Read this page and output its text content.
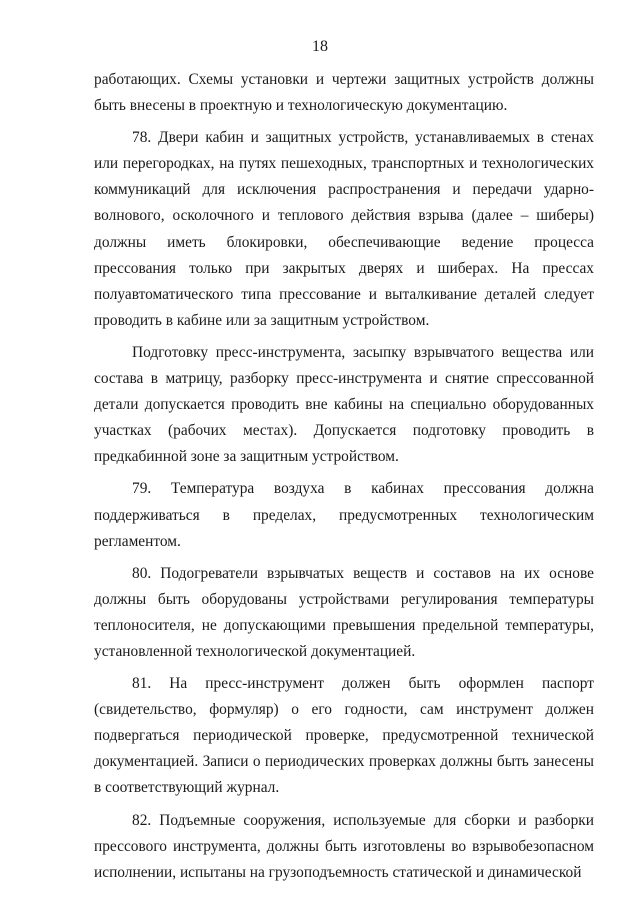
18

работающих. Схемы установки и чертежи защитных устройств должны быть внесены в проектную и технологическую документацию.

78. Двери кабин и защитных устройств, устанавливаемых в стенах или перегородках, на путях пешеходных, транспортных и технологических коммуникаций для исключения распространения и передачи ударно-волнового, осколочного и теплового действия взрыва (далее – шиберы) должны иметь блокировки, обеспечивающие ведение процесса прессования только при закрытых дверях и шиберах. На прессах полуавтоматического типа прессование и выталкивание деталей следует проводить в кабине или за защитным устройством.

Подготовку пресс-инструмента, засыпку взрывчатого вещества или состава в матрицу, разборку пресс-инструмента и снятие спрессованной детали допускается проводить вне кабины на специально оборудованных участках (рабочих местах). Допускается подготовку проводить в предкабинной зоне за защитным устройством.

79. Температура воздуха в кабинах прессования должна поддерживаться в пределах, предусмотренных технологическим регламентом.

80. Подогреватели взрывчатых веществ и составов на их основе должны быть оборудованы устройствами регулирования температуры теплоносителя, не допускающими превышения предельной температуры, установленной технологической документацией.

81. На пресс-инструмент должен быть оформлен паспорт (свидетельство, формуляр) о его годности, сам инструмент должен подвергаться периодической проверке, предусмотренной технической документацией. Записи о периодических проверках должны быть занесены в соответствующий журнал.

82. Подъемные сооружения, используемые для сборки и разборки прессового инструмента, должны быть изготовлены во взрывобезопасном исполнении, испытаны на грузоподъемность статической и динамической
